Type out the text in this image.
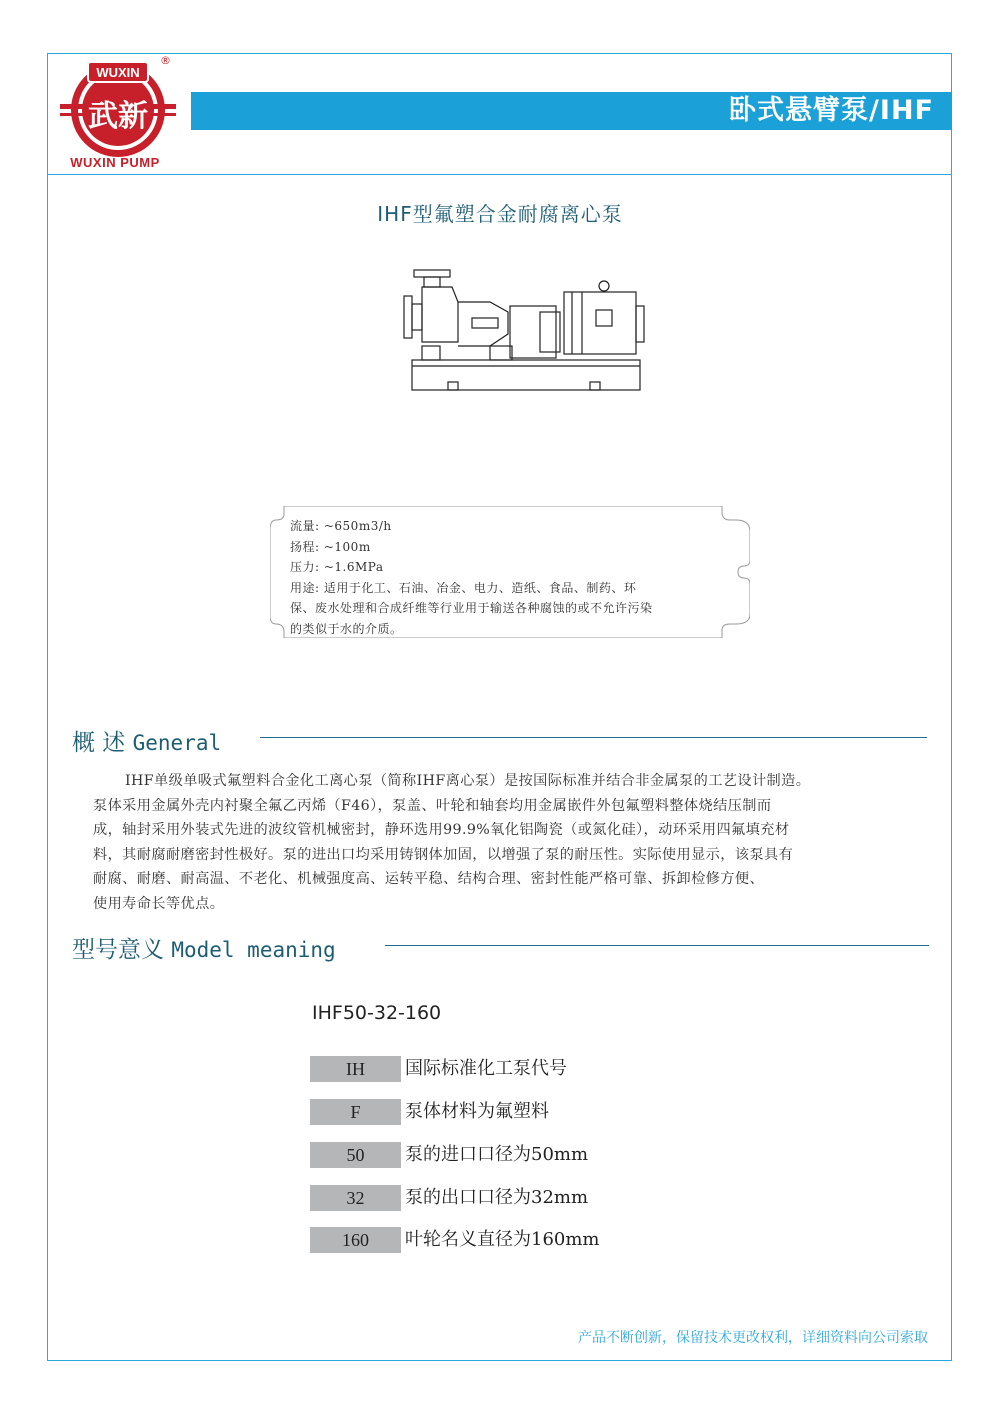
卧式悬臂泵/IHF
WUXIN
武新
®
WUXIN PUMP
IHF型氟塑合金耐腐离心泵
流量: ~650m3/h
扬程: ~100m
压力: ~1.6MPa
用途: 适用于化工、石油、冶金、电力、造纸、食品、制药、环
保、废水处理和合成纤维等行业用于输送各种腐蚀的或不允许污染
的类似于水的介质。
概 述 General
IHF单级单吸式氟塑料合金化工离心泵（简称IHF离心泵）是按国际标准并结合非金属泵的工艺设计制造。
泵体采用金属外壳内衬聚全氟乙丙烯（F46），泵盖、叶轮和轴套均用金属嵌件外包氟塑料整体烧结压制而
成，轴封采用外装式先进的波纹管机械密封，静环选用99.9%氧化铝陶瓷（或氮化硅），动环采用四氟填充材
料，其耐腐耐磨密封性极好。泵的进出口均采用铸钢体加固，以增强了泵的耐压性。实际使用显示，该泵具有
耐腐、耐磨、耐高温、不老化、机械强度高、运转平稳、结构合理、密封性能严格可靠、拆卸检修方便、
使用寿命长等优点。
型号意义 Model meaning
IHF50-32-160
IH	国际标准化工泵代号
F	泵体材料为氟塑料
50	泵的进口口径为50mm
32	泵的出口口径为32mm
160	叶轮名义直径为160mm
产品不断创新，保留技术更改权利，详细资料向公司索取
